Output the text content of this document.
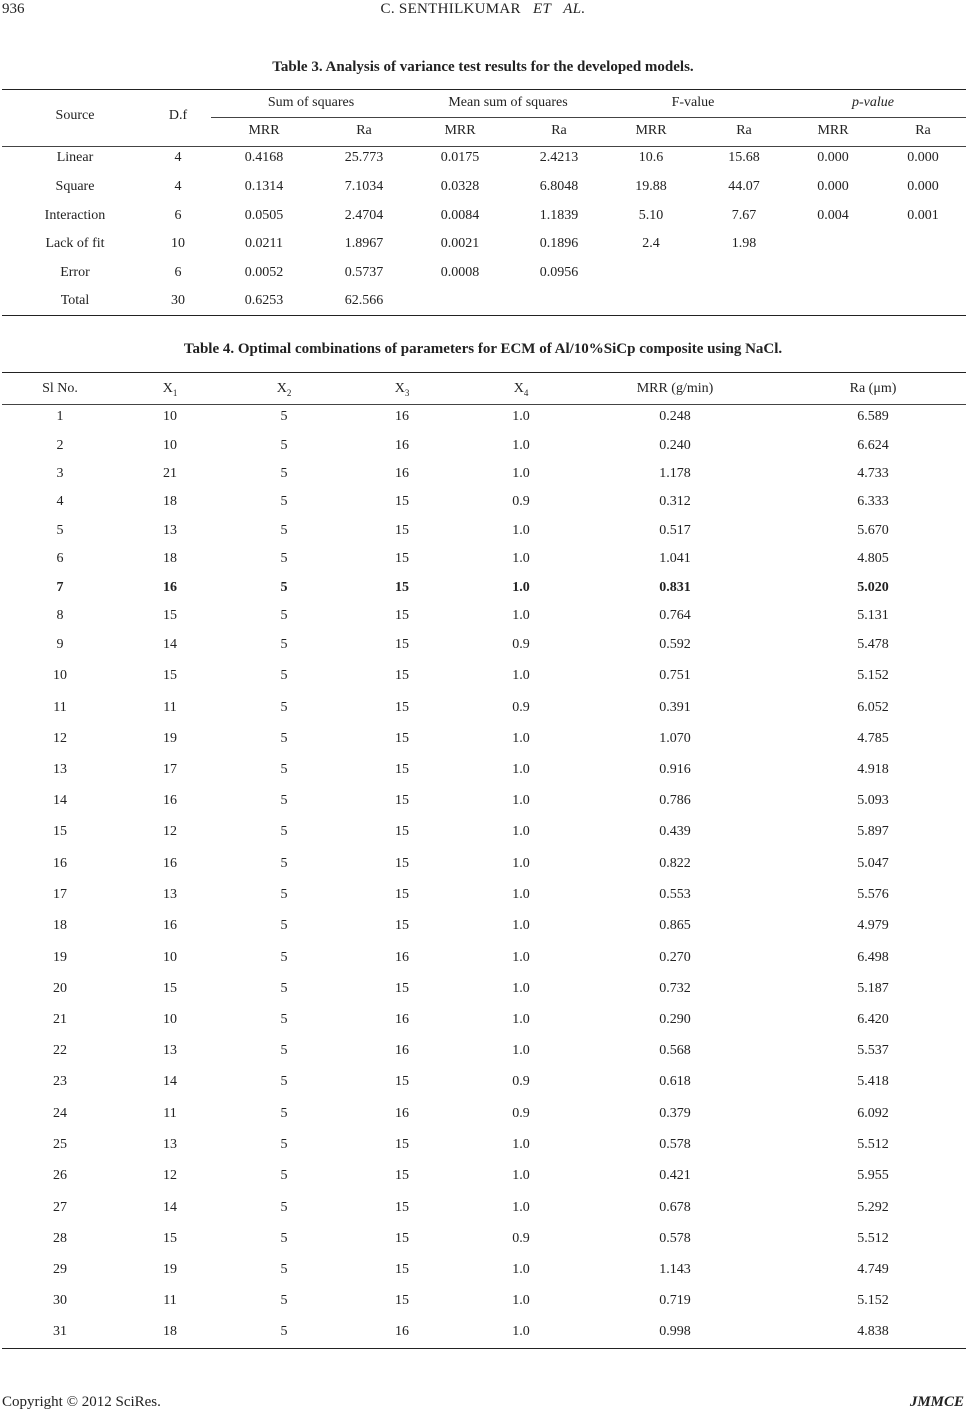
936	C. SENTHILKUMAR ET AL.
Table 3. Analysis of variance test results for the developed models.
Source	D.f
Sum of squares	Mean sum of squares	F-value	p-value
MRR	Ra	MRR	Ra	MRR	Ra	MRR	Ra
Linear	4	0.4168	25.773	0.0175	2.4213	10.6	15.68	0.000	0.000
Square	4	0.1314	7.1034	0.0328	6.8048	19.88	44.07	0.000	0.000
Interaction	6	0.0505	2.4704	0.0084	1.1839	5.10	7.67	0.004	0.001
Lack of fit	10	0.0211	1.8967	0.0021	0.1896	2.4	1.98
Error	6	0.0052	0.5737	0.0008	0.0956
Total	30	0.6253	62.566
Table 4. Optimal combinations of parameters for ECM of Al/10%SiCp composite using NaCl.
Sl No.	$X_1$	$X_2$	$X_3$	$X_4$	MRR (g/min)	Ra (μm)
1	10	5	16	1.0	0.248	6.589
2	10	5	16	1.0	0.240	6.624
3	21	5	16	1.0	1.178	4.733
4	18	5	15	0.9	0.312	6.333
5	13	5	15	1.0	0.517	5.670
6	18	5	15	1.0	1.041	4.805
7	16	5	15	1.0	0.831	5.020
8	15	5	15	1.0	0.764	5.131
9	14	5	15	0.9	0.592	5.478
10	15	5	15	1.0	0.751	5.152
11	11	5	15	0.9	0.391	6.052
12	19	5	15	1.0	1.070	4.785
13	17	5	15	1.0	0.916	4.918
14	16	5	15	1.0	0.786	5.093
15	12	5	15	1.0	0.439	5.897
16	16	5	15	1.0	0.822	5.047
17	13	5	15	1.0	0.553	5.576
18	16	5	15	1.0	0.865	4.979
19	10	5	16	1.0	0.270	6.498
20	15	5	15	1.0	0.732	5.187
21	10	5	16	1.0	0.290	6.420
22	13	5	16	1.0	0.568	5.537
23	14	5	15	0.9	0.618	5.418
24	11	5	16	0.9	0.379	6.092
25	13	5	15	1.0	0.578	5.512
26	12	5	15	1.0	0.421	5.955
27	14	5	15	1.0	0.678	5.292
28	15	5	15	0.9	0.578	5.512
29	19	5	15	1.0	1.143	4.749
30	11	5	15	1.0	0.719	5.152
31	18	5	16	1.0	0.998	4.838
Copyright © 2012 SciRes.	JMMCE
